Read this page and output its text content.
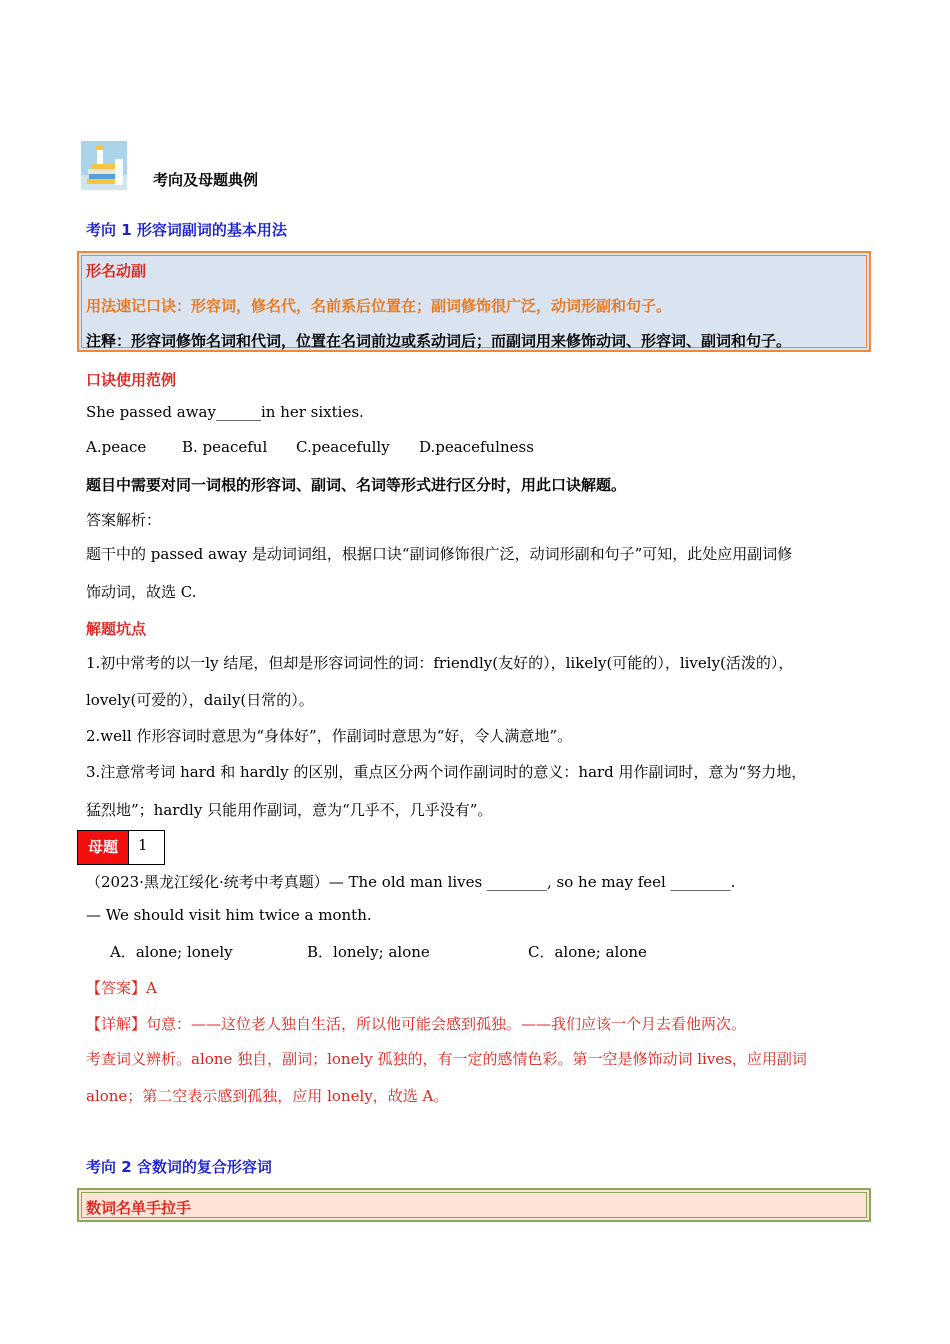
考向及母题典例
考向 1 形容词副词的基本用法
形名动副
用法速记口诀：形容词，修名代，名前系后位置在；副词修饰很广泛，动词形副和句子。
注释：形容词修饰名词和代词，位置在名词前边或系动词后；而副词用来修饰动词、形容词、副词和句子。
口诀使用范例
She passed away______in her sixties.
A.peace B. peaceful C.peacefully D.peacefulness
题目中需要对同一词根的形容词、副词、名词等形式进行区分时，用此口诀解题。
答案解析：
题干中的 passed away 是动词词组，根据口诀“副词修饰很广泛，动词形副和句子”可知，此处应用副词修
饰动词，故选 C.
解题坑点
1.初中常考的以一ly 结尾，但却是形容词词性的词：friendly(友好的），likely(可能的），lively(活泼的），
lovely(可爱的），daily(日常的）。
2.well 作形容词时意思为“身体好”，作副词时意思为“好，令人满意地”。
3.注意常考词 hard 和 hardly 的区别，重点区分两个词作副词时的意义：hard 用作副词时，意为“努力地，
猛烈地”；hardly 只能用作副词，意为“几乎不，几乎没有”。
母题	1
（2023·黑龙江绥化·统考中考真题）— The old man lives ________, so he may feel ________.
— We should visit him twice a month.
A．alone; lonely	B．lonely; alone	C．alone; alone
【答案】A
【详解】句意：——这位老人独自生活，所以他可能会感到孤独。——我们应该一个月去看他两次。
考查词义辨析。alone 独自，副词；lonely 孤独的，有一定的感情色彩。第一空是修饰动词 lives，应用副词
alone；第二空表示感到孤独，应用 lonely，故选 A。
考向 2 含数词的复合形容词
数词名单手拉手
